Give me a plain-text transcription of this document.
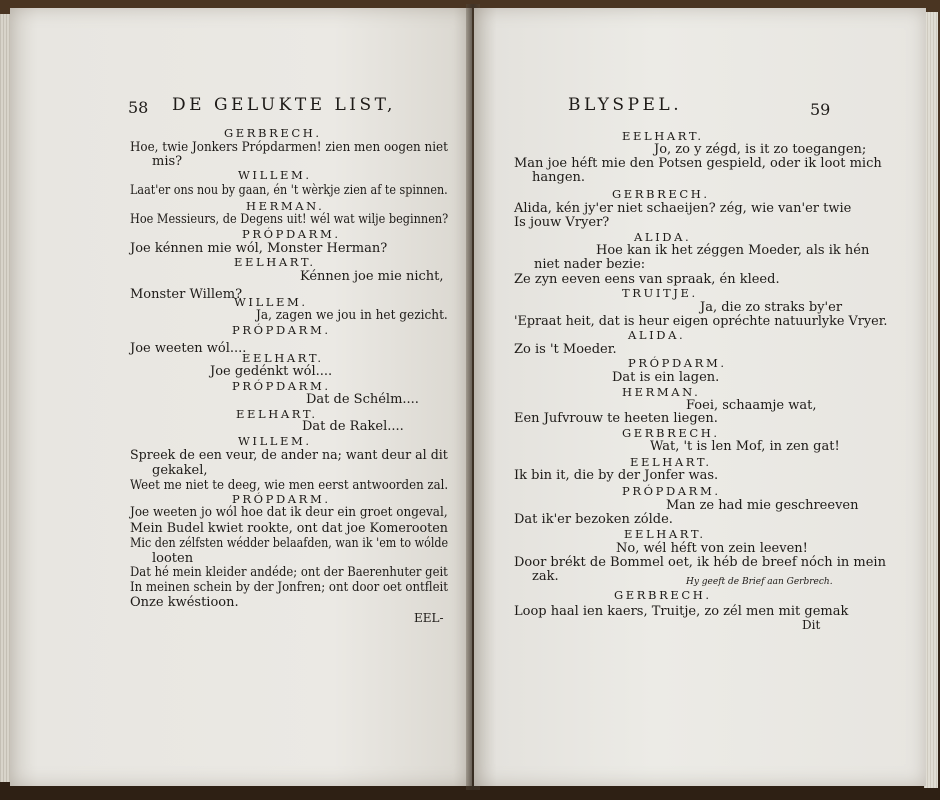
58 DE GELUKTE LIST,
GERBRECH.
Hoe, twie Jonkers Própdarmen! zien men oogen niet
mis?
WILLEM.
Laat'er ons nou by gaan, én 't wèrkje zien af te spinnen.
HERMAN.
Hoe Messieurs, de Degens uit! wél wat wilje beginnen?
PRÓPDARM.
Joe kénnen mie wól, Monster Herman?
EELHART.
Kénnen joe mie nicht,
Monster Willem?
WILLEM.
Ja, zagen we jou in het gezicht.
PRÓPDARM.
Joe weeten wól....
EELHART.
Joe gedénkt wól....
PRÓPDARM.
Dat de Schélm....
EELHART.
Dat de Rakel....
WILLEM.
Spreek de een veur, de ander na; want deur al dit
gekakel,
Weet me niet te deeg, wie men eerst antwoorden zal.
PRÓPDARM.
Joe weeten jo wól hoe dat ik deur ein groet ongeval,
Mein Budel kwiet rookte, ont dat joe Komerooten
Mic den zélfsten wédder belaafden, wan ik 'em to wólde
looten
Dat hé mein kleider andéde; ont der Baerenhuter geit
In meinen schein by der Jonfren; ont door oet ontfleit
Onze kwéstioon.
EEL-
BLYSPEL.	59
EELHART.
Jo, zo y zégd, is it zo toegangen;
Man joe héft mie den Potsen gespield, oder ik loot mich
hangen.
GERBRECH.
Alida, kén jy'er niet schaeijen? zég, wie van'er twie
Is jouw Vryer?
ALIDA.
Hoe kan ik het zéggen Moeder, als ik hén
niet nader bezie:
Ze zyn eeven eens van spraak, én kleed.
TRUITJE.
Ja, die zo straks by'er
'Epraat heit, dat is heur eigen opréchte natuurlyke Vryer.
ALIDA.
Zo is 't Moeder.
PRÓPDARM.
Dat is ein lagen.
HERMAN.
Foei, schaamje wat,
Een Jufvrouw te heeten liegen.
GERBRECH.
Wat, 't is len Mof, in zen gat!
EELHART.
Ik bin it, die by der Jonfer was.
PRÓPDARM.
Man ze had mie geschreeven
Dat ik'er bezoken zólde.
EELHART.
No, wél héft von zein leeven!
Door brékt de Bommel oet, ik héb de breef nóch in mein
zak.	Hy geeft de Brief aan Gerbrech.
GERBRECH.
Loop haal ien kaers, Truitje, zo zél men mit gemak
Dit
